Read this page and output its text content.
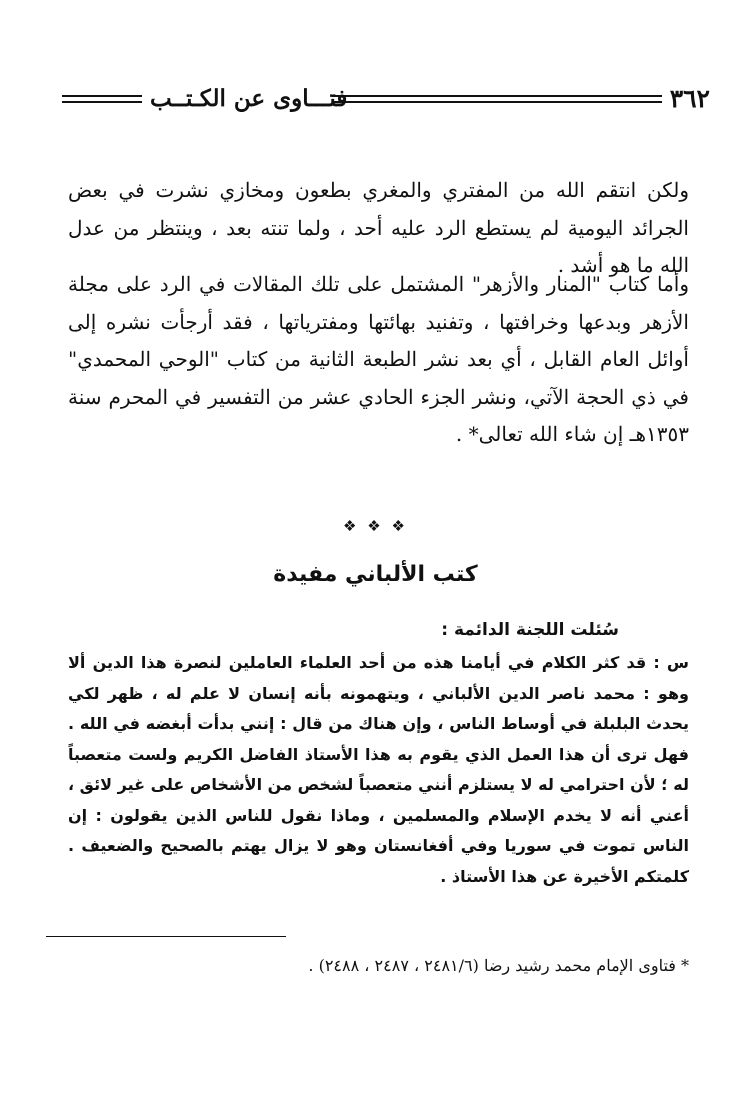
٣٦٢
فتـــاوى عن الكـتــب

ولكن انتقم الله من المفتري والمغري بطعون ومخازي نشرت في بعض الجرائد اليومية لم يستطع الرد عليه أحد ، ولما تنته بعد ، وينتظر من عدل الله ما هو أشد .

وأما كتاب "المنار والأزهر" المشتمل على تلك المقالات في الرد على مجلة الأزهر وبدعها وخرافتها ، وتفنيد بهائتها ومفترياتها ، فقد أرجأت نشره إلى أوائل العام القابل ، أي بعد نشر الطبعة الثانية من كتاب "الوحي المحمدي" في ذي الحجة الآتي، ونشر الجزء الحادي عشر من التفسير في المحرم سنة ١٣٥٣هـ إن شاء الله تعالى* .

❖ ❖ ❖
كتب الألباني مفيدة
سُئلت اللجنة الدائمة :
س : قد كثر الكلام في أيامنا هذه من أحد العلماء العاملين لنصرة هذا الدين ألا وهو : محمد ناصر الدين الألباني ، ويتهمونه بأنه إنسان لا علم له ، ظهر لكي يحدث البلبلة في أوساط الناس ، وإن هناك من قال : إنني بدأت أبغضه في الله . فهل ترى أن هذا العمل الذي يقوم به هذا الأستاذ الفاضل الكريم ولست متعصباً له ؛ لأن احترامي له لا يستلزم أنني متعصباً لشخص من الأشخاص على غير لائق ، أعني أنه لا يخدم الإسلام والمسلمين ، وماذا نقول للناس الذين يقولون : إن الناس تموت في سوريا وفي أفغانستان وهو لا يزال يهتم بالصحيح والضعيف . كلمتكم الأخيرة عن هذا الأستاذ .
* فتاوى الإمام محمد رشيد رضا (٢٤٨١/٦ ، ٢٤٨٧ ، ٢٤٨٨) .
